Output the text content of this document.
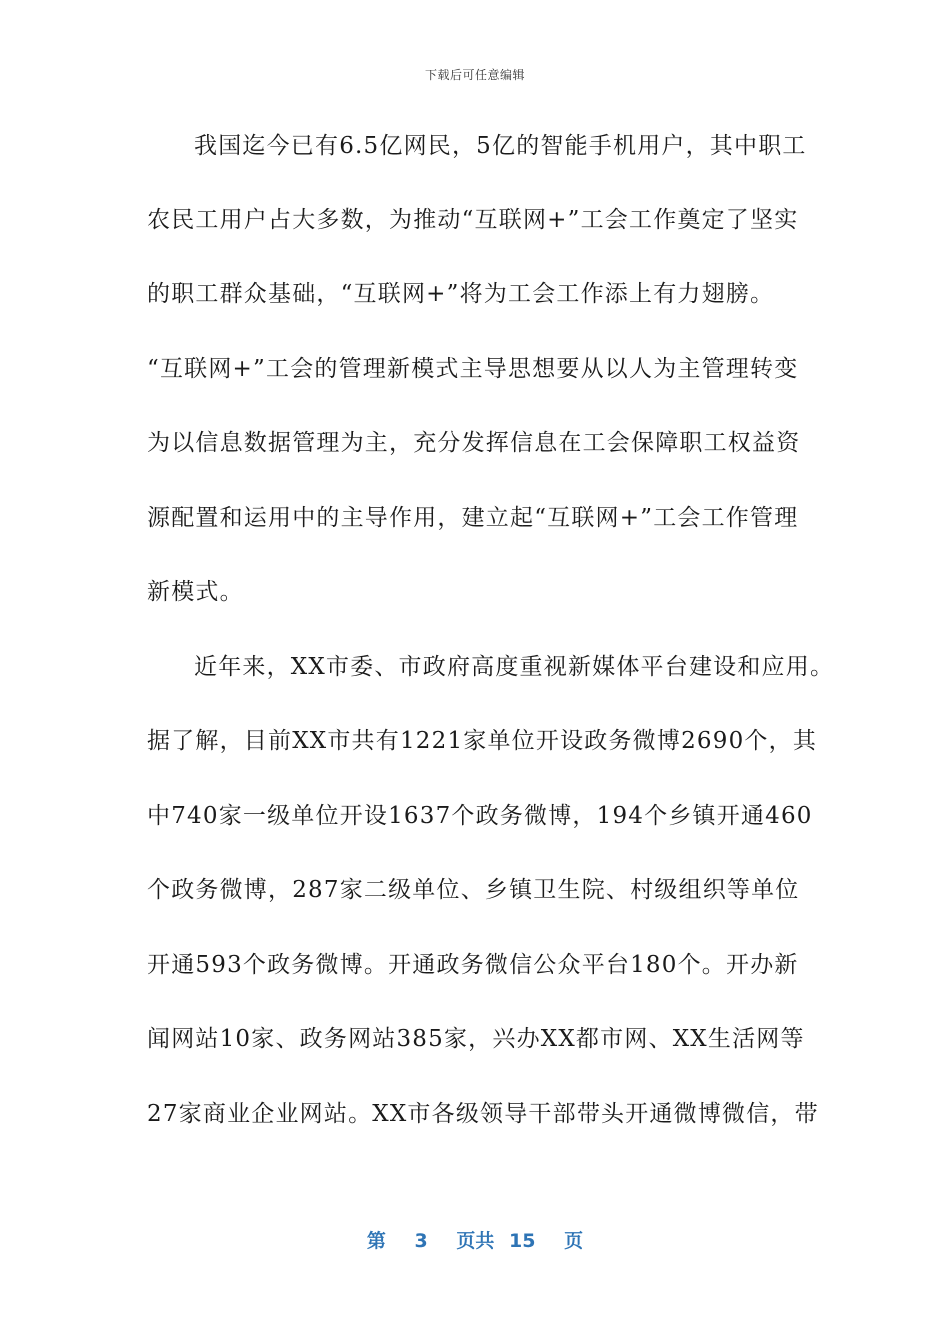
下载后可任意编辑
我国迄今已有6.5亿网民，5亿的智能手机用户，其中职工
农民工用户占大多数，为推动“互联网+”工会工作奠定了坚实
的职工群众基础，“互联网+”将为工会工作添上有力翅膀。
“互联网+”工会的管理新模式主导思想要从以人为主管理转变
为以信息数据管理为主，充分发挥信息在工会保障职工权益资
源配置和运用中的主导作用，建立起“互联网+”工会工作管理
新模式。
近年来，XX市委、市政府高度重视新媒体平台建设和应用。
据了解，目前XX市共有1221家单位开设政务微博2690个，其
中740家一级单位开设1637个政务微博，194个乡镇开通460
个政务微博，287家二级单位、乡镇卫生院、村级组织等单位
开通593个政务微博。开通政务微信公众平台180个。开办新
闻网站10家、政务网站385家，兴办XX都市网、XX生活网等
27家商业企业网站。XX市各级领导干部带头开通微博微信，带
第 3 页共 15 页
